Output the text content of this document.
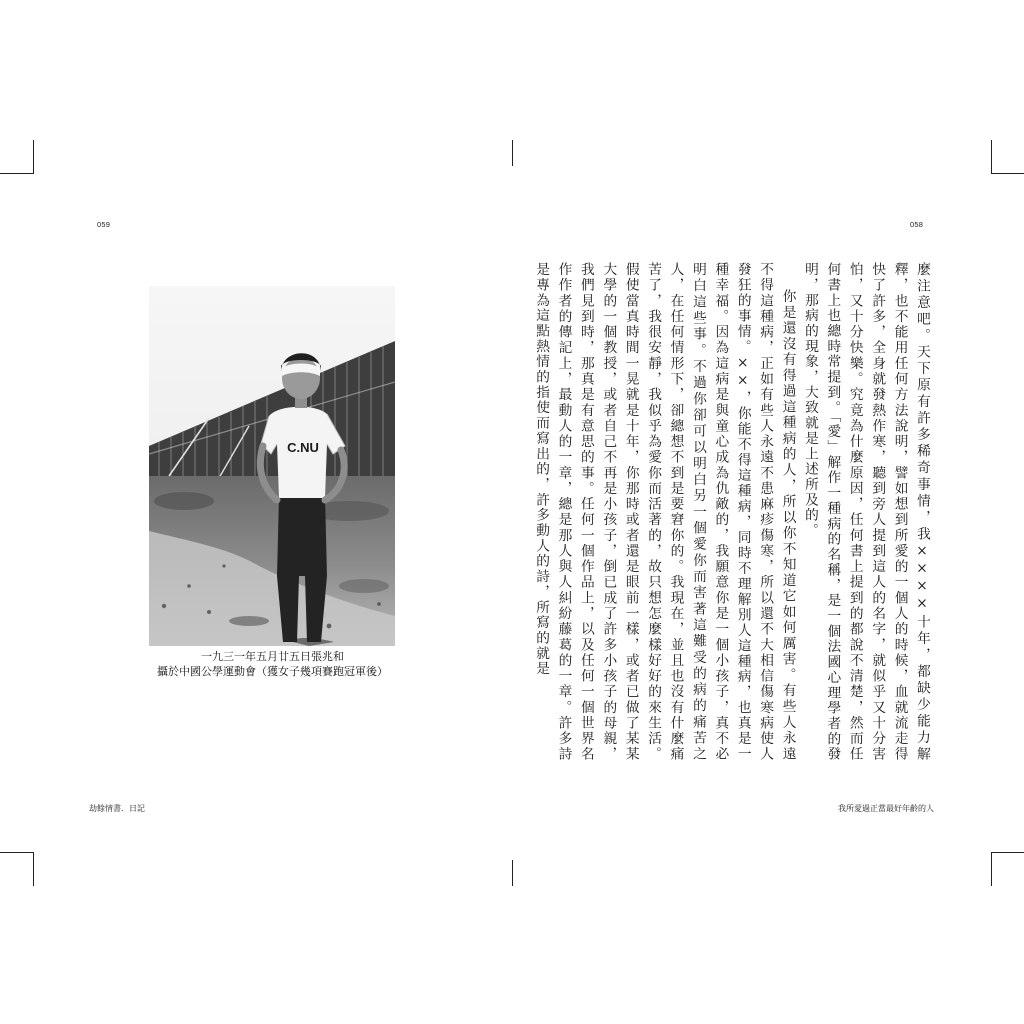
059
C.NU
一九三一年五月廿五日張兆和
攝於中國公學運動會（獲女子幾項賽跑冠軍後）
劫餘情書．日記
058

麼注意吧。天下原有許多稀奇事情，我××××十年，都缺少能力解釋，也不能用任何方法說明，譬如想到所愛的一個人的時候，血就流走得快了許多，全身就發熱作寒，聽到旁人提到這人的名字，就似乎又十分害怕，又十分快樂。究竟為什麼原因，任何書上提到的都說不清楚，然而任何書上也總時常提到。「愛」解作一種病的名稱，是一個法國心理學者的發明，那病的現象，大致就是上述所及的。

你是還沒有得過這種病的人，所以你不知道它如何厲害。有些人永遠不得這種病，正如有些人永遠不患麻疹傷寒，所以還不大相信傷寒病使人發狂的事情。××，你能不得這種病，同時不理解別人這種病，也真是一種幸福。因為這病是與童心成為仇敵的，我願意你是一個小孩子，真不必明白這些事。不過你卻可以明白另一個愛你而害著這難受的病的痛苦之人，在任何情形下，卻總想不到是要窘你的。我現在，並且也沒有什麼痛苦了，我很安靜，我似乎為愛你而活著的，故只想怎麼樣好好的來生活。假使當真時間一晃就是十年，你那時或者還是眼前一樣，或者已做了某某大學的一個教授，或者自己不再是小孩子，倒已成了許多小孩子的母親，我們見到時，那真是有意思的事。任何一個作品上，以及任何一個世界名作作者的傳記上，最動人的一章，總是那人與人糾紛藤葛的一章。許多詩是專為這點熱情的指使而寫出的，許多動人的詩，所寫的就是

我所愛過正當最好年齡的人
